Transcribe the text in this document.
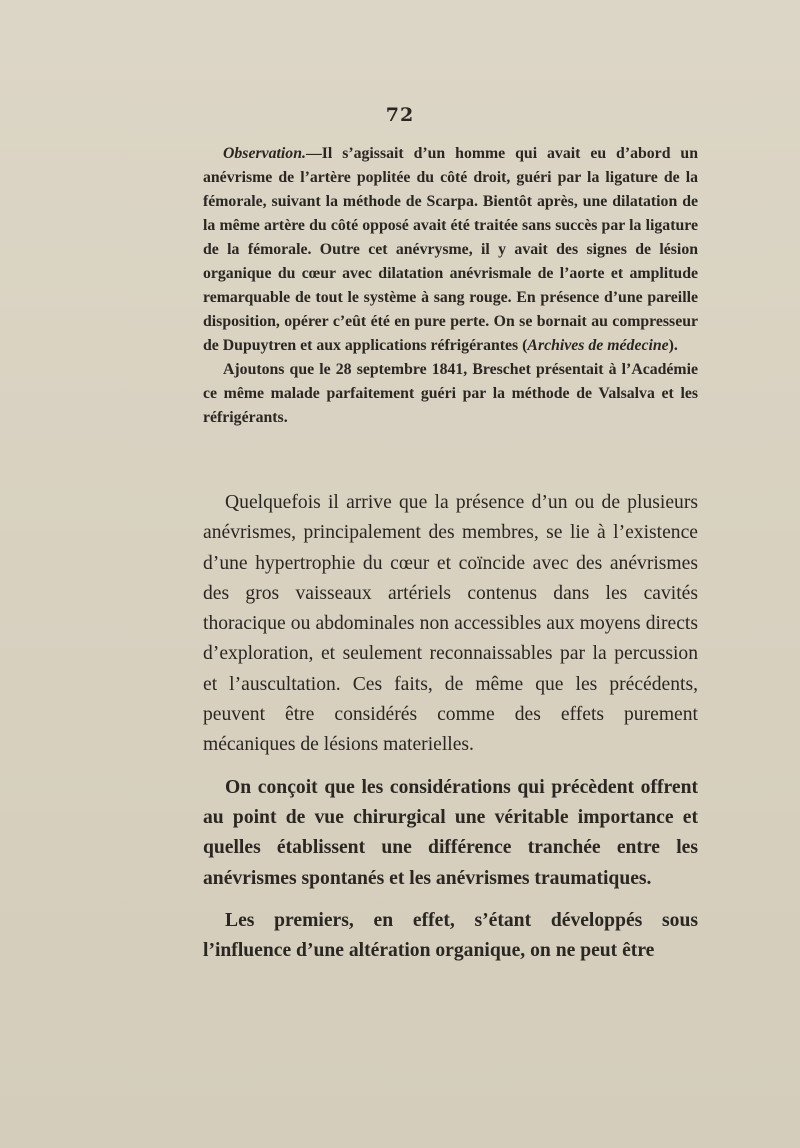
72

Observation.—Il s’agissait d’un homme qui avait eu d’abord un anévrisme de l’artère poplitée du côté droit, guéri par la ligature de la fémorale, suivant la méthode de Scarpa. Bientôt après, une dilatation de la même artère du côté opposé avait été traitée sans succès par la ligature de la fémorale. Outre cet anévrysme, il y avait des signes de lésion organique du cœur avec dilatation anévrismale de l’aorte et amplitude remarquable de tout le système à sang rouge. En présence d’une pareille disposition, opérer c’eût été en pure perte. On se bornait au compresseur de Dupuytren et aux applications réfrigérantes (Archives de médecine).

Ajoutons que le 28 septembre 1841, Breschet présentait à l’Académie ce même malade parfaitement guéri par la méthode de Valsalva et les réfrigérants.

Quelquefois il arrive que la présence d’un ou de plusieurs anévrismes, principalement des membres, se lie à l’existence d’une hypertrophie du cœur et coïncide avec des anévrismes des gros vaisseaux artériels contenus dans les cavités thoracique ou abdominales non accessibles aux moyens directs d’exploration, et seulement reconnaissables par la percussion et l’auscultation. Ces faits, de même que les précédents, peuvent être considérés comme des effets purement mécaniques de lésions materielles.

On conçoit que les considérations qui précèdent offrent au point de vue chirurgical une véritable importance et quelles établissent une différence tranchée entre les anévrismes spontanés et les anévrismes traumatiques.

Les premiers, en effet, s’étant développés sous l’influence d’une altération organique, on ne peut être
